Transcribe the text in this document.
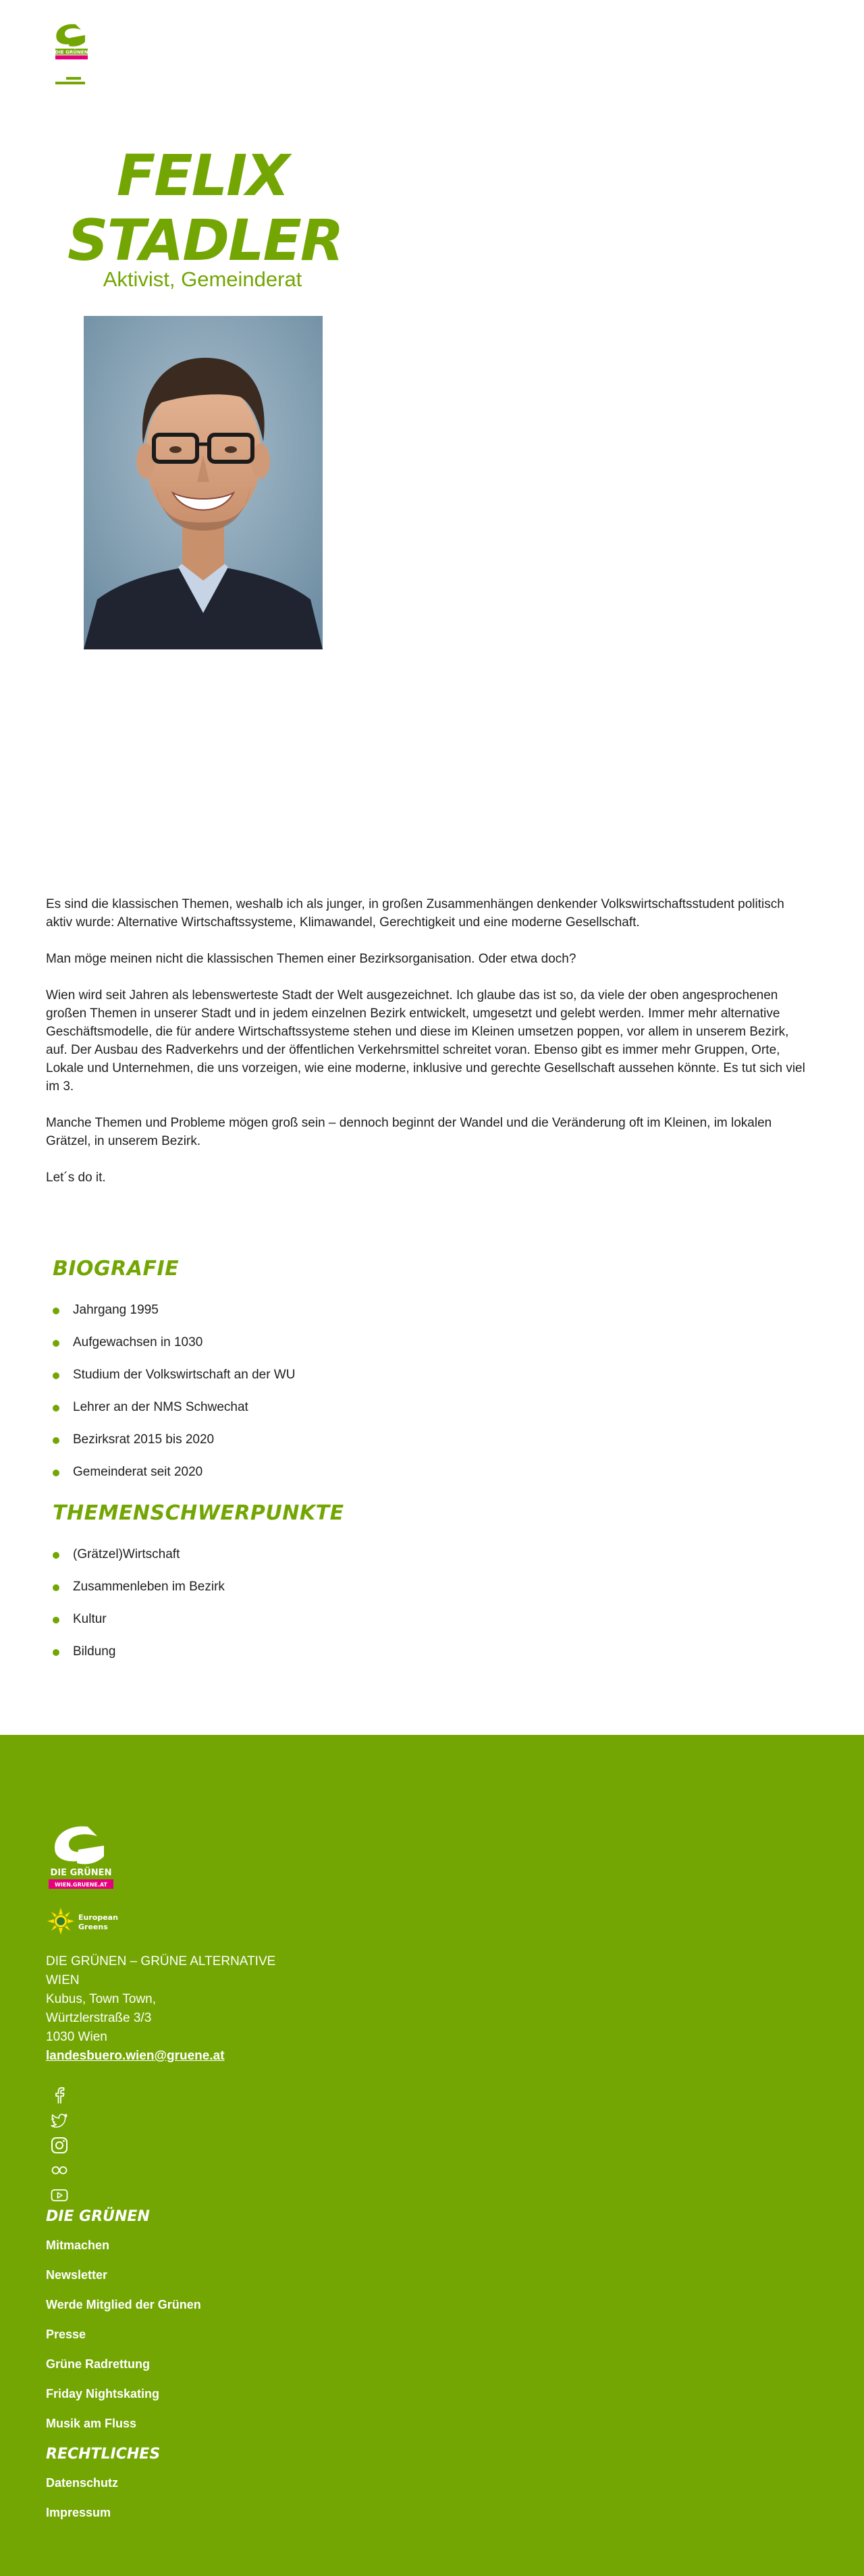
DIE GRÜNEN
FELIX
STADLER
Aktivist, Gemeinderat

Es sind die klassischen Themen, weshalb ich als junger, in großen Zusammenhängen denkender Volkswirtschaftsstudent politisch aktiv wurde: Alternative Wirtschaftssysteme, Klimawandel, Gerechtigkeit und eine moderne Gesellschaft.

Man möge meinen nicht die klassischen Themen einer Bezirksorganisation. Oder etwa doch?

Wien wird seit Jahren als lebenswerteste Stadt der Welt ausgezeichnet. Ich glaube das ist so, da viele der oben angesprochenen großen Themen in unserer Stadt und in jedem einzelnen Bezirk entwickelt, umgesetzt und gelebt werden. Immer mehr alternative Geschäftsmodelle, die für andere Wirtschaftssysteme stehen und diese im Kleinen umsetzen poppen, vor allem in unserem Bezirk, auf. Der Ausbau des Radverkehrs und der öffentlichen Verkehrsmittel schreitet voran. Ebenso gibt es immer mehr Gruppen, Orte, Lokale und Unternehmen, die uns vorzeigen, wie eine moderne, inklusive und gerechte Gesellschaft aussehen könnte. Es tut sich viel im 3.

Manche Themen und Probleme mögen groß sein – dennoch beginnt der Wandel und die Veränderung oft im Kleinen, im lokalen Grätzel, in unserem Bezirk.

Let´s do it.

BIOGRAFIE
Jahrgang 1995
Aufgewachsen in 1030
Studium der Volkswirtschaft an der WU
Lehrer an der NMS Schwechat
Bezirksrat 2015 bis 2020
Gemeinderat seit 2020
THEMENSCHWERPUNKTE
(Grätzel)Wirtschaft
Zusammenleben im Bezirk
Kultur
Bildung
DIE GRÜNEN
WIEN.GRUENE.AT
European
Greens
DIE GRÜNEN – GRÜNE ALTERNATIVE
WIEN
Kubus, Town Town,
Würtzlerstraße 3/3
1030 Wien
landesbuero.wien@gruene.at
DIE GRÜNEN
Mitmachen
Newsletter
Werde Mitglied der Grünen
Presse
Grüne Radrettung
Friday Nightskating
Musik am Fluss
RECHTLICHES
Datenschutz
Impressum
